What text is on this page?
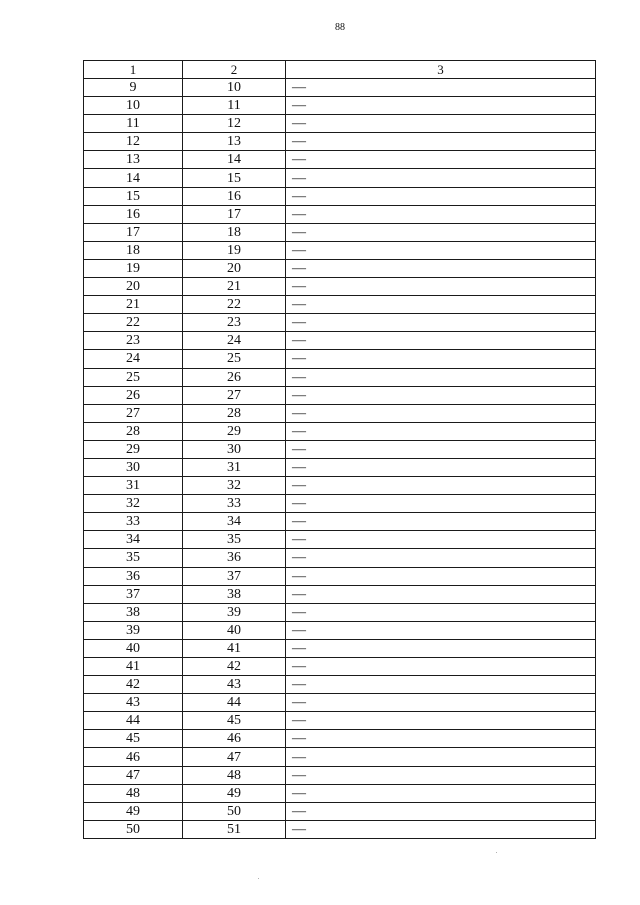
88
1	2	3
9	10	—
10	11	—
11	12	—
12	13	—
13	14	—
14	15	—
15	16	—
16	17	—
17	18	—
18	19	—
19	20	—
20	21	—
21	22	—
22	23	—
23	24	—
24	25	—
25	26	—
26	27	—
27	28	—
28	29	—
29	30	—
30	31	—
31	32	—
32	33	—
33	34	—
34	35	—
35	36	—
36	37	—
37	38	—
38	39	—
39	40	—
40	41	—
41	42	—
42	43	—
43	44	—
44	45	—
45	46	—
46	47	—
47	48	—
48	49	—
49	50	—
50	51	—
